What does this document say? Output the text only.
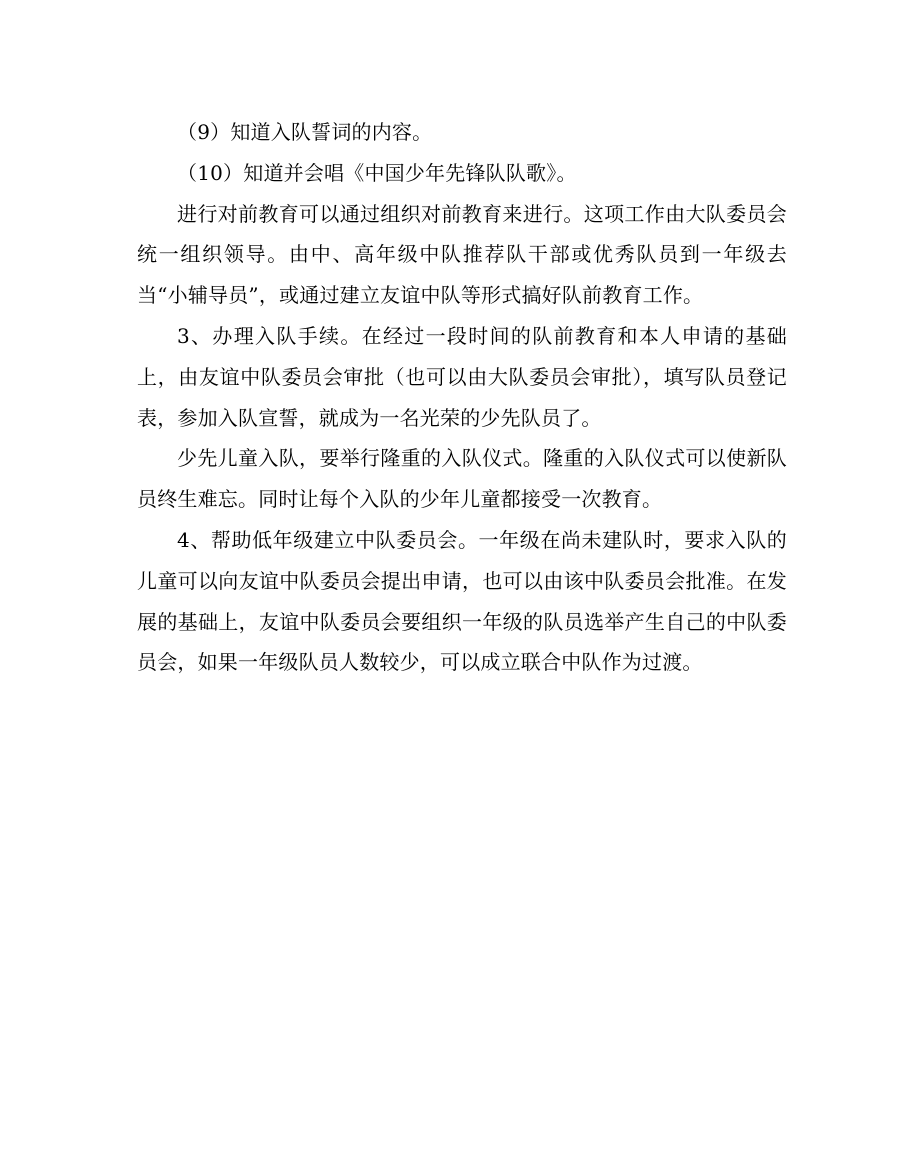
（9）知道入队誓词的内容。

（10）知道并会唱《中国少年先锋队队歌》。

进行对前教育可以通过组织对前教育来进行。这项工作由大队委员会统一组织领导。由中、高年级中队推荐队干部或优秀队员到一年级去当“小辅导员”，或通过建立友谊中队等形式搞好队前教育工作。

3、办理入队手续。在经过一段时间的队前教育和本人申请的基础上，由友谊中队委员会审批（也可以由大队委员会审批），填写队员登记表，参加入队宣誓，就成为一名光荣的少先队员了。

少先儿童入队，要举行隆重的入队仪式。隆重的入队仪式可以使新队员终生难忘。同时让每个入队的少年儿童都接受一次教育。

4、帮助低年级建立中队委员会。一年级在尚未建队时，要求入队的儿童可以向友谊中队委员会提出申请，也可以由该中队委员会批准。在发展的基础上，友谊中队委员会要组织一年级的队员选举产生自己的中队委员会，如果一年级队员人数较少，可以成立联合中队作为过渡。
